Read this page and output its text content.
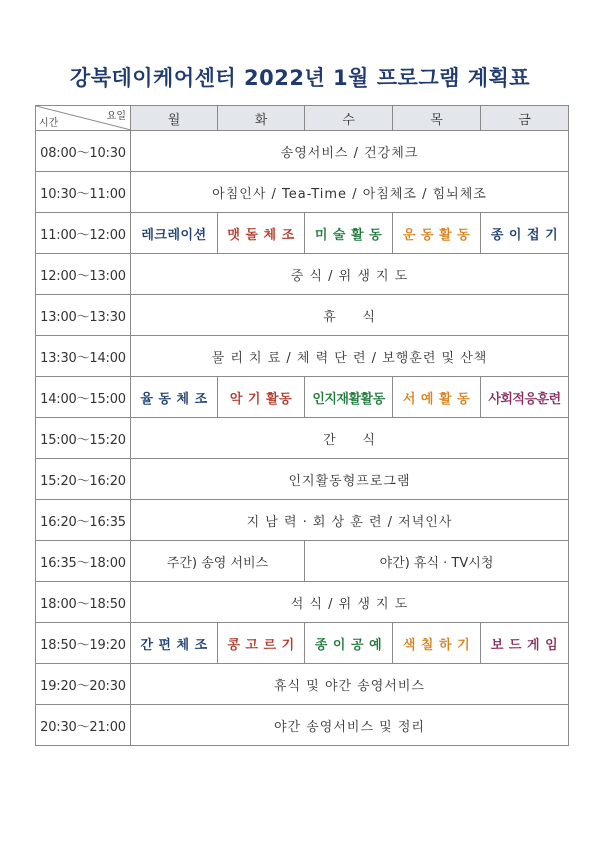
강북데이케어센터 2022년 1월 프로그램 계획표
요일
시간	월	화	수	목	금
08:00～10:30	송영서비스 / 건강체크				
10:30～11:00	아침인사 / Tea-Time / 아침체조 / 힘뇌체조				
11:00～12:00	레크레이션	맷 돌 체 조	미 술 활 동	운 동 활 동	종 이 접 기
12:00～13:00	중 식 / 위 생 지 도				
13:00～13:30	휴     식				
13:30～14:00	물 리 치 료 / 체 력 단 련 / 보행훈련 및 산책				
14:00～15:00	율 동 체 조	악 기 활동	인지재활활동	서 예 활 동	사회적응훈련
15:00～15:20	간     식				
15:20～16:20	인지활동형프로그램				
16:20～16:35	지 남 력 · 회 상 훈 련 / 저녁인사				
16:35～18:00	주간) 송영 서비스		야간) 휴식 · TV시청		
18:00～18:50	석 식 / 위 생 지 도				
18:50～19:20	간 편 체 조	콩 고 르 기	종 이 공 예	색 칠 하 기	보 드 게 임
19:20～20:30	휴식 및 야간 송영서비스				
20:30～21:00	야간 송영서비스 및 정리				
